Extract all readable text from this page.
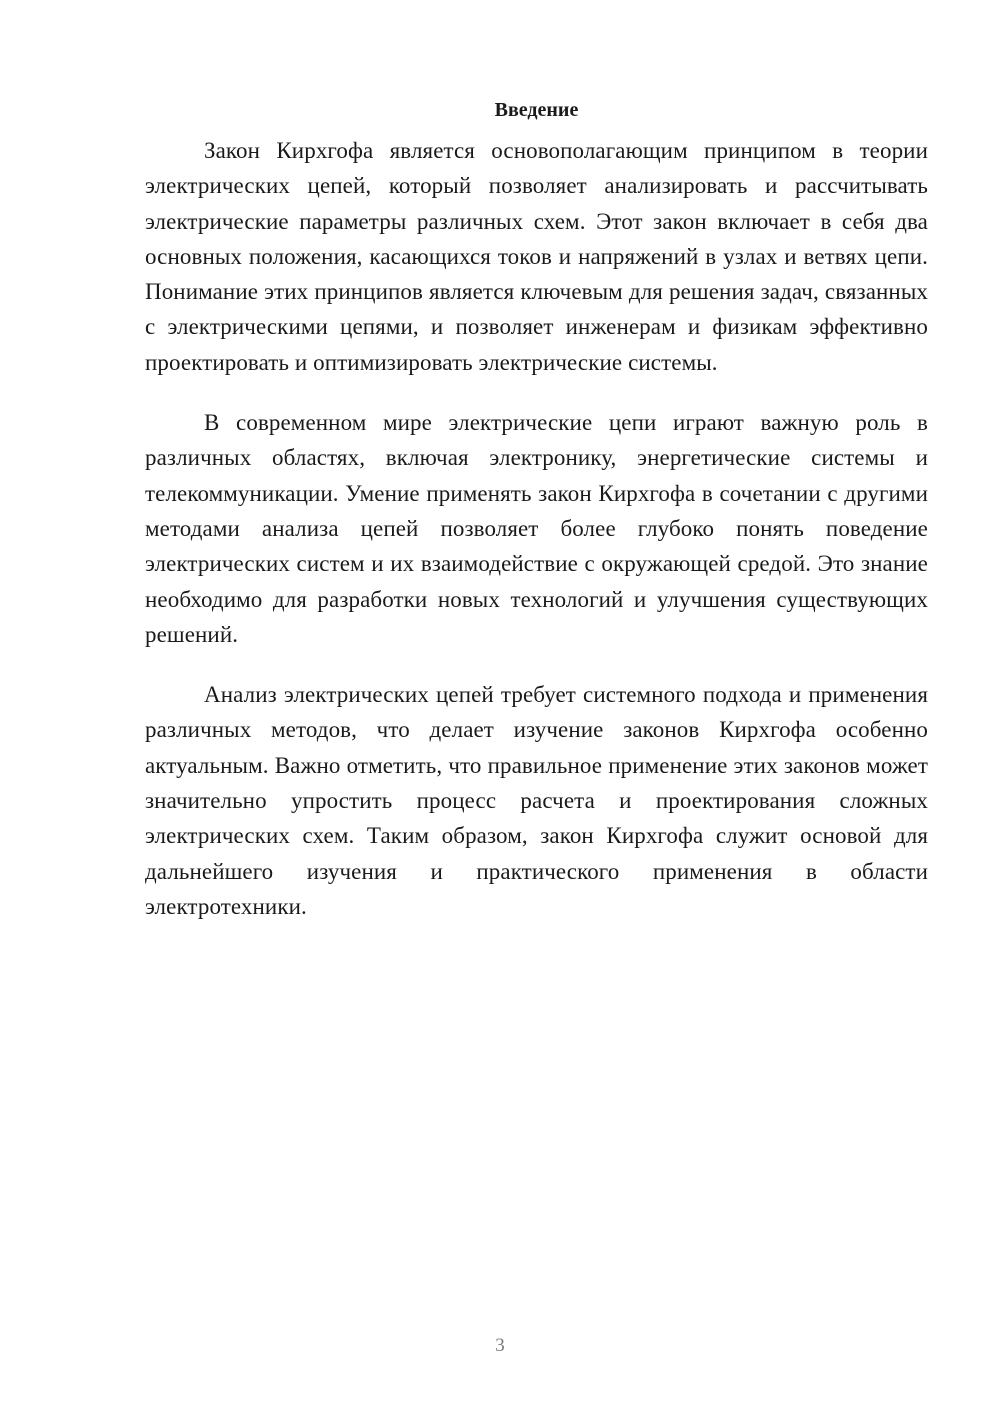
Введение

Закон Кирхгофа является основополагающим принципом в теории электрических цепей, который позволяет анализировать и рассчитывать электрические параметры различных схем. Этот закон включает в себя два основных положения, касающихся токов и напряжений в узлах и ветвях цепи. Понимание этих принципов является ключевым для решения задач, связанных с электрическими цепями, и позволяет инженерам и физикам эффективно проектировать и оптимизировать электрические системы.

В современном мире электрические цепи играют важную роль в различных областях, включая электронику, энергетические системы и телекоммуникации. Умение применять закон Кирхгофа в сочетании с другими методами анализа цепей позволяет более глубоко понять поведение электрических систем и их взаимодействие с окружающей средой. Это знание необходимо для разработки новых технологий и улучшения существующих решений.

Анализ электрических цепей требует системного подхода и применения различных методов, что делает изучение законов Кирхгофа особенно актуальным. Важно отметить, что правильное применение этих законов может значительно упростить процесс расчета и проектирования сложных электрических схем. Таким образом, закон Кирхгофа служит основой для дальнейшего изучения и практического применения в области электротехники.

3
